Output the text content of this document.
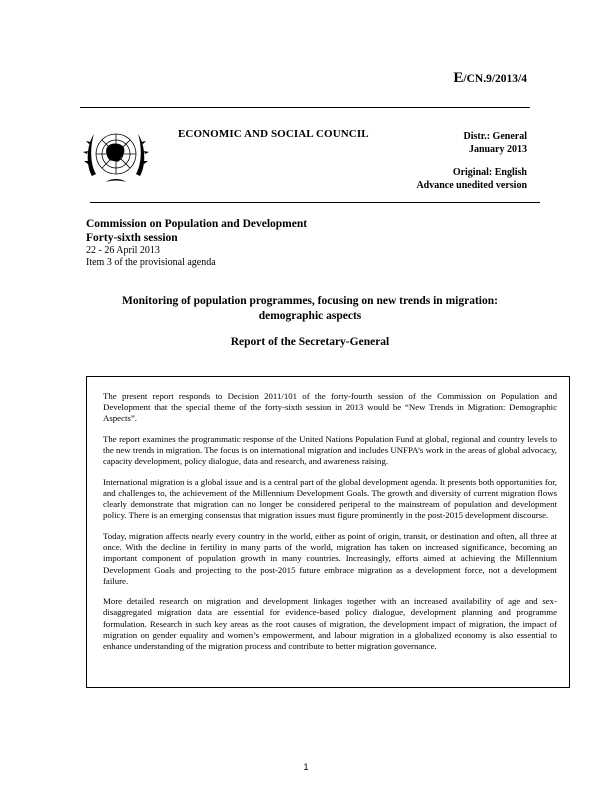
E/CN.9/2013/4
ECONOMIC AND SOCIAL COUNCIL	Distr.: General
January 2013
Original: English
Advance unedited version
Commission on Population and Development
Forty-sixth session
22 - 26 April 2013
Item 3 of the provisional agenda
Monitoring of population programmes, focusing on new trends in migration:
demographic aspects
Report of the Secretary-General

The present report responds to Decision 2011/101 of the forty-fourth session of the Commission on Population and Development that the special theme of the forty-sixth session in 2013 would be “New Trends in Migration: Demographic Aspects”.

The report examines the programmatic response of the United Nations Population Fund at global, regional and country levels to the new trends in migration. The focus is on international migration and includes UNFPA’s work in the areas of global advocacy, capacity development, policy dialogue, data and research, and awareness raising.

International migration is a global issue and is a central part of the global development agenda. It presents both opportunities for, and challenges to, the achievement of the Millennium Development Goals. The growth and diversity of current migration flows clearly demonstrate that migration can no longer be considered periperal to the mainstream of population and development policy. There is an emerging consensus that migration issues must figure prominently in the post-2015 development discourse.

Today, migration affects nearly every country in the world, either as point of origin, transit, or destination and often, all three at once. With the decline in fertility in many parts of the world, migration has taken on increased significance, becoming an important component of population growth in many countries. Increasingly, efforts aimed at achieving the Millennium Development Goals and projecting to the post-2015 future embrace migration as a development force, not a development failure.

More detailed research on migration and development linkages together with an increased availability of age and sex-disaggregated migration data are essential for evidence-based policy dialogue, development planning and programme formulation. Research in such key areas as the root causes of migration, the development impact of migration, the impact of migration on gender equality and women’s empowerment, and labour migration in a globalized economy is also essential to enhance understanding of the migration process and contribute to better migration governance.

1
